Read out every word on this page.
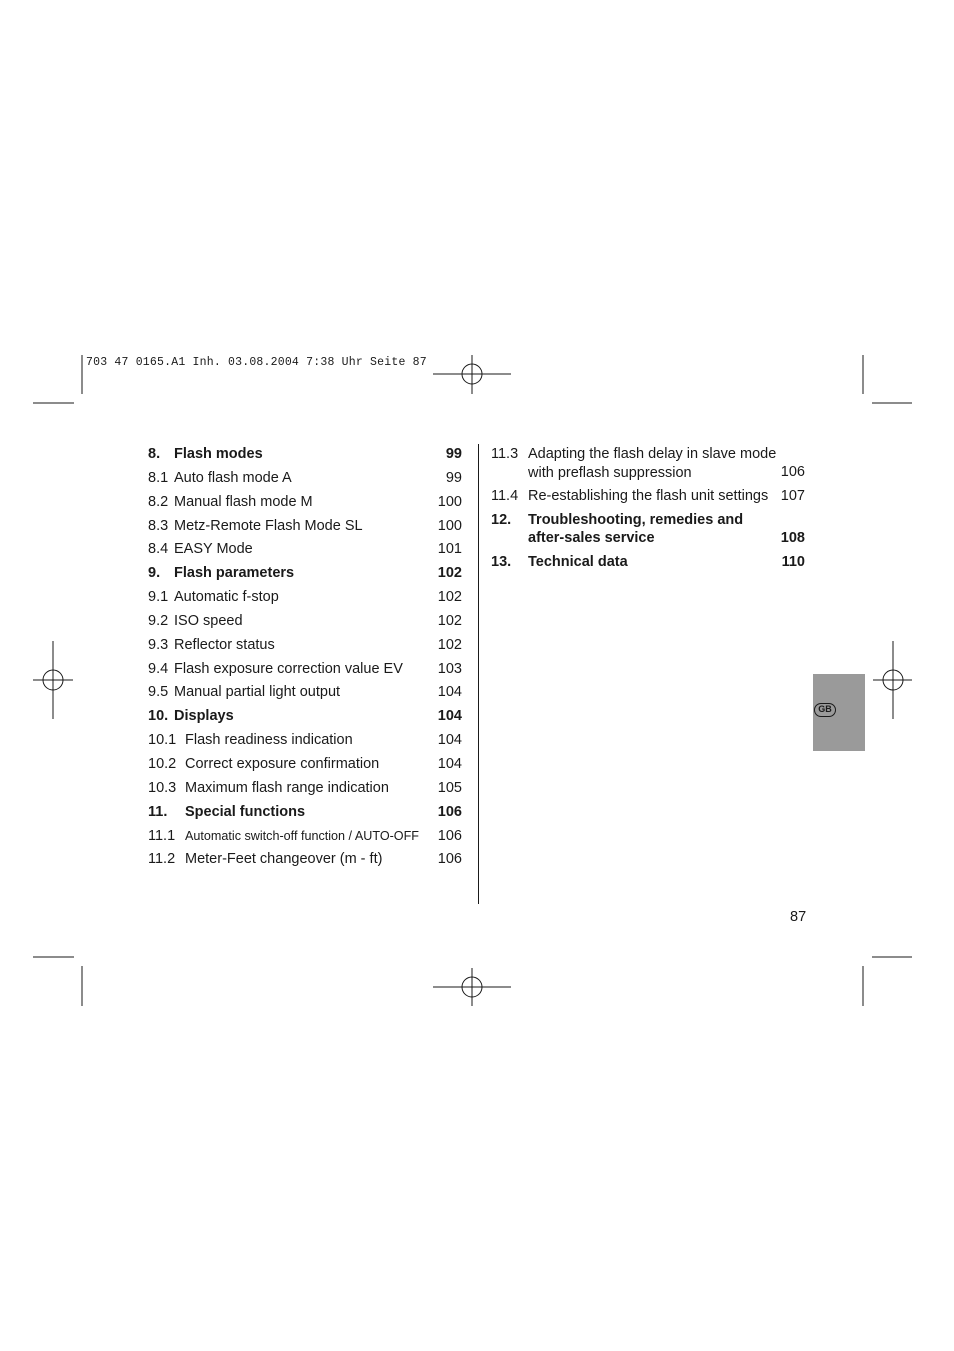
703 47 0165.A1 Inh. 03.08.2004 7:38 Uhr Seite 87
8. Flash modes	99
8.1 Auto flash mode A	99
8.2 Manual flash mode M	100
8.3 Metz-Remote Flash Mode SL	100
8.4 EASY Mode	101
9. Flash parameters	102
9.1 Automatic f-stop	102
9.2 ISO speed	102
9.3 Reflector status	102
9.4 Flash exposure correction value EV 103
9.5 Manual partial light output	104
10. Displays	104
10.1 Flash readiness indication	104
10.2 Correct exposure confirmation	104
10.3 Maximum flash range indication	105
11. Special functions	106
11.1 Automatic switch-off function / AUTO-OFF 106
11.2 Meter-Feet changeover (m - ft)	106
11.3 Adapting the flash delay in slave mode
with preflash suppression	106
11.4 Re-establishing the flash unit settings 107
12. Troubleshooting, remedies and
after-sales service	108
13. Technical data	110
GB
87
